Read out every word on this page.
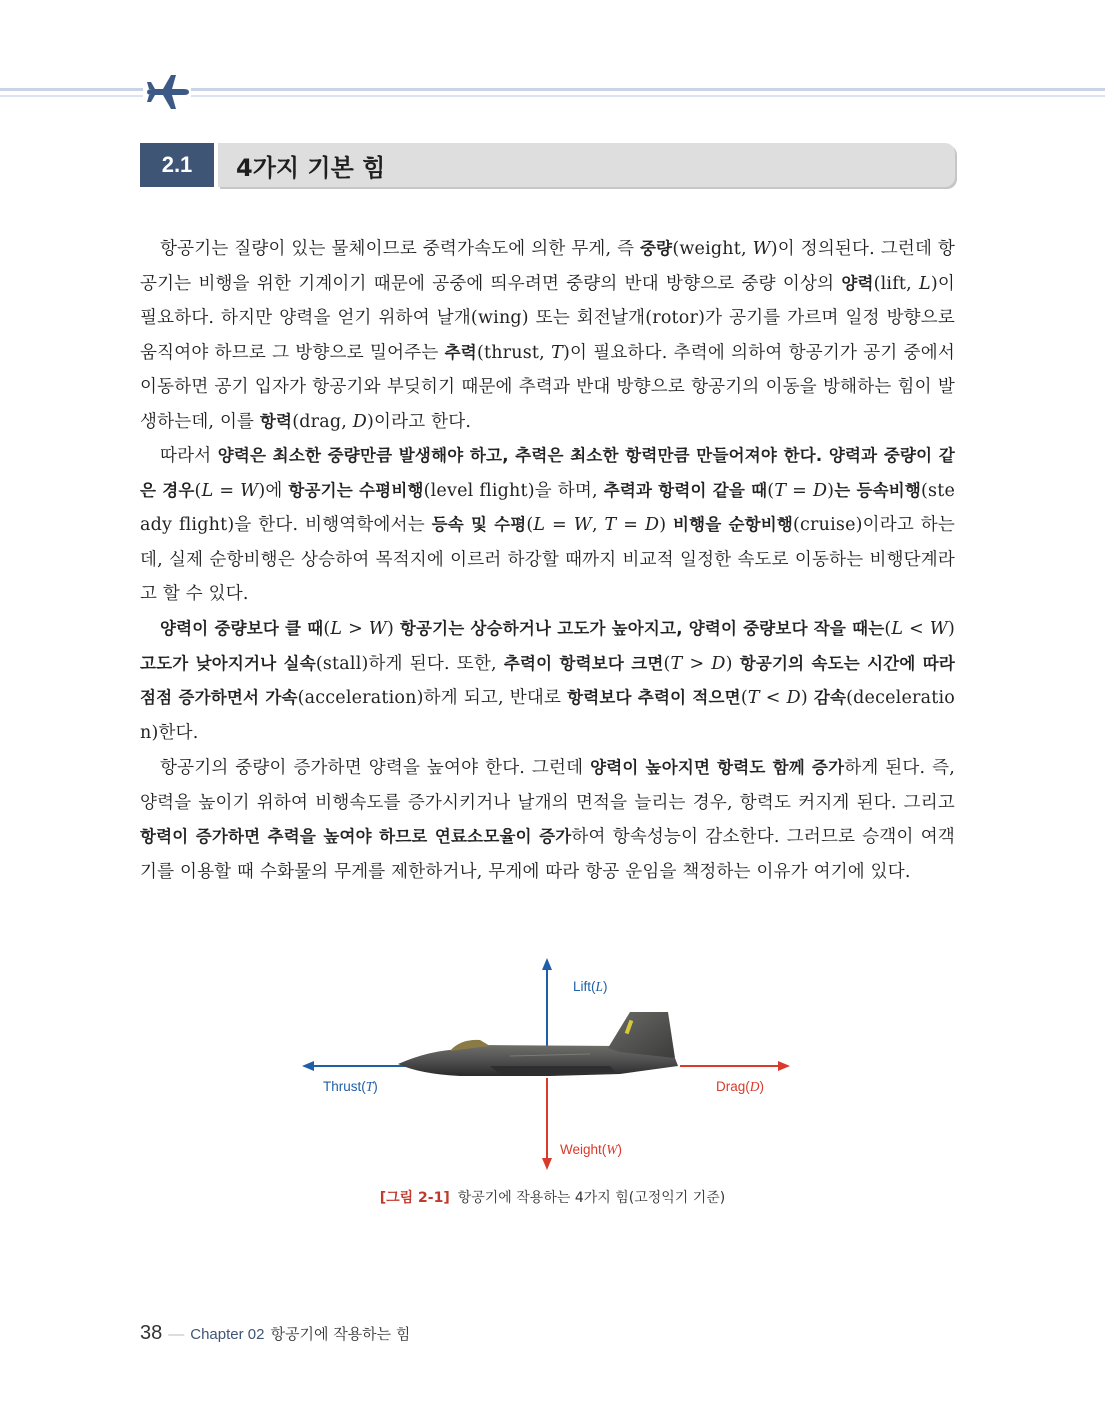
2.1	4가지 기본 힘
항공기는 질량이 있는 물체이므로 중력가속도에 의한 무게, 즉 중량(weight, W)이 정의된다. 그런데 항공기는 비행을 위한 기계이기 때문에 공중에 띄우려면 중량의 반대 방향으로 중량 이상의 양력(lift, L)이 필요하다. 하지만 양력을 얻기 위하여 날개(wing) 또는 회전날개(rotor)가 공기를 가르며 일정 방향으로 움직여야 하므로 그 방향으로 밀어주는 추력(thrust, T)이 필요하다. 추력에 의하여 항공기가 공기 중에서 이동하면 공기 입자가 항공기와 부딪히기 때문에 추력과 반대 방향으로 항공기의 이동을 방해하는 힘이 발생하는데, 이를 항력(drag, D)이라고 한다.
따라서 양력은 최소한 중량만큼 발생해야 하고, 추력은 최소한 항력만큼 만들어져야 한다. 양력과 중량이 같은 경우(L = W)에 항공기는 수평비행(level flight)을 하며, 추력과 항력이 같을 때(T = D)는 등속비행(steady flight)을 한다. 비행역학에서는 등속 및 수평(L = W, T = D) 비행을 순항비행(cruise)이라고 하는데, 실제 순항비행은 상승하여 목적지에 이르러 하강할 때까지 비교적 일정한 속도로 이동하는 비행단계라고 할 수 있다.
양력이 중량보다 클 때(L > W) 항공기는 상승하거나 고도가 높아지고, 양력이 중량보다 작을 때는(L < W) 고도가 낮아지거나 실속(stall)하게 된다. 또한, 추력이 항력보다 크면(T > D) 항공기의 속도는 시간에 따라 점점 증가하면서 가속(acceleration)하게 되고, 반대로 항력보다 추력이 적으면(T < D) 감속(deceleration)한다.
항공기의 중량이 증가하면 양력을 높여야 한다. 그런데 양력이 높아지면 항력도 함께 증가하게 된다. 즉, 양력을 높이기 위하여 비행속도를 증가시키거나 날개의 면적을 늘리는 경우, 항력도 커지게 된다. 그리고 항력이 증가하면 추력을 높여야 하므로 연료소모율이 증가하여 항속성능이 감소한다. 그러므로 승객이 여객기를 이용할 때 수화물의 무게를 제한하거나, 무게에 따라 항공 운임을 책정하는 이유가 여기에 있다.
Lift(L)
Thrust(T)	Drag(D)
Weight(W)
[그림 2-1] 항공기에 작용하는 4가지 힘(고정익기 기준)
38 — Chapter 02 항공기에 작용하는 힘
